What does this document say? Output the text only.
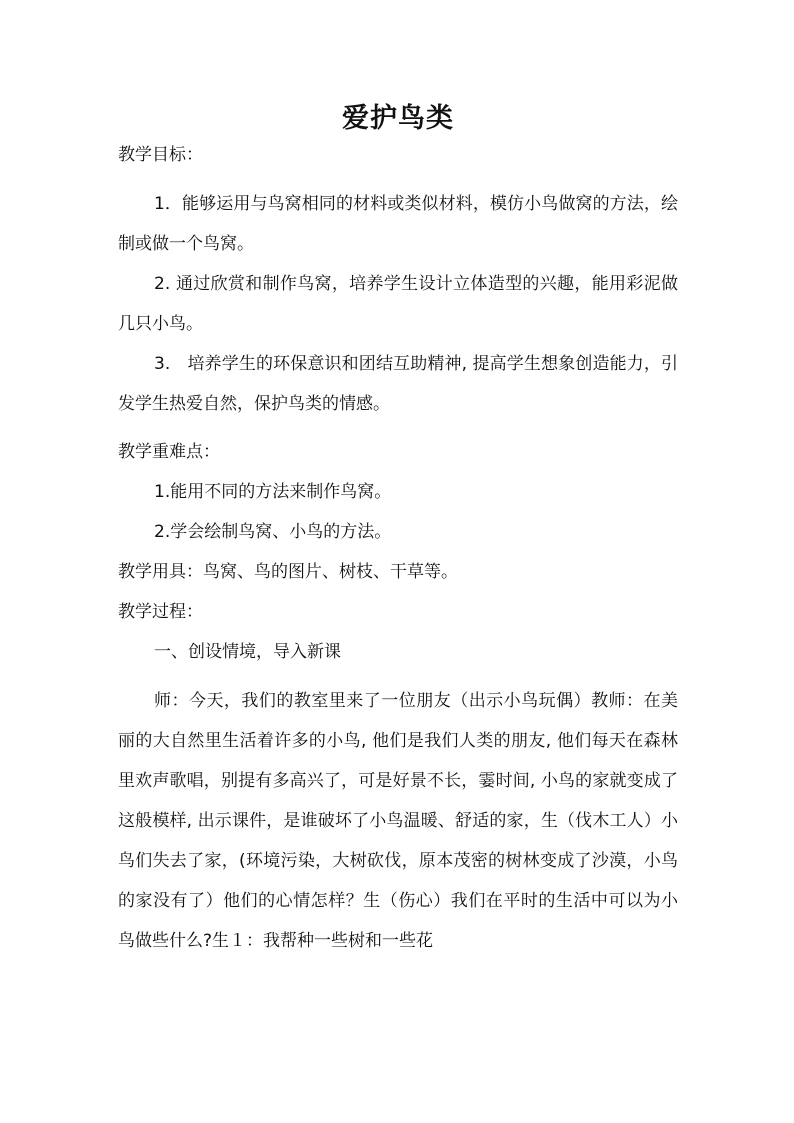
爱护鸟类

教学目标：

1．能够运用与鸟窝相同的材料或类似材料，模仿小鸟做窝的方法，绘制或做一个鸟窝。

2. 通过欣赏和制作鸟窝，培养学生设计立体造型的兴趣，能用彩泥做几只小鸟。

3.　培养学生的环保意识和团结互助精神, 提高学生想象创造能力，引发学生热爱自然，保护鸟类的情感。

教学重难点：

1.能用不同的方法来制作鸟窝。

2.学会绘制鸟窝、小鸟的方法。

教学用具：鸟窝、鸟的图片、树枝、干草等。

教学过程：

一、创设情境，导入新课

师：今天，我们的教室里来了一位朋友（出示小鸟玩偶）教师：在美丽的大自然里生活着许多的小鸟, 他们是我们人类的朋友, 他们每天在森林里欢声歌唱，别提有多高兴了，可是好景不长，霎时间, 小鸟的家就变成了这般模样, 出示课件，是谁破坏了小鸟温暖、舒适的家，生（伐木工人）小鸟们失去了家，(环境污染，大树砍伐，原本茂密的树林变成了沙漠，小鸟的家没有了）他们的心情怎样？生（伤心）我们在平时的生活中可以为小鸟做些什么?生１：我帮种一些树和一些花
